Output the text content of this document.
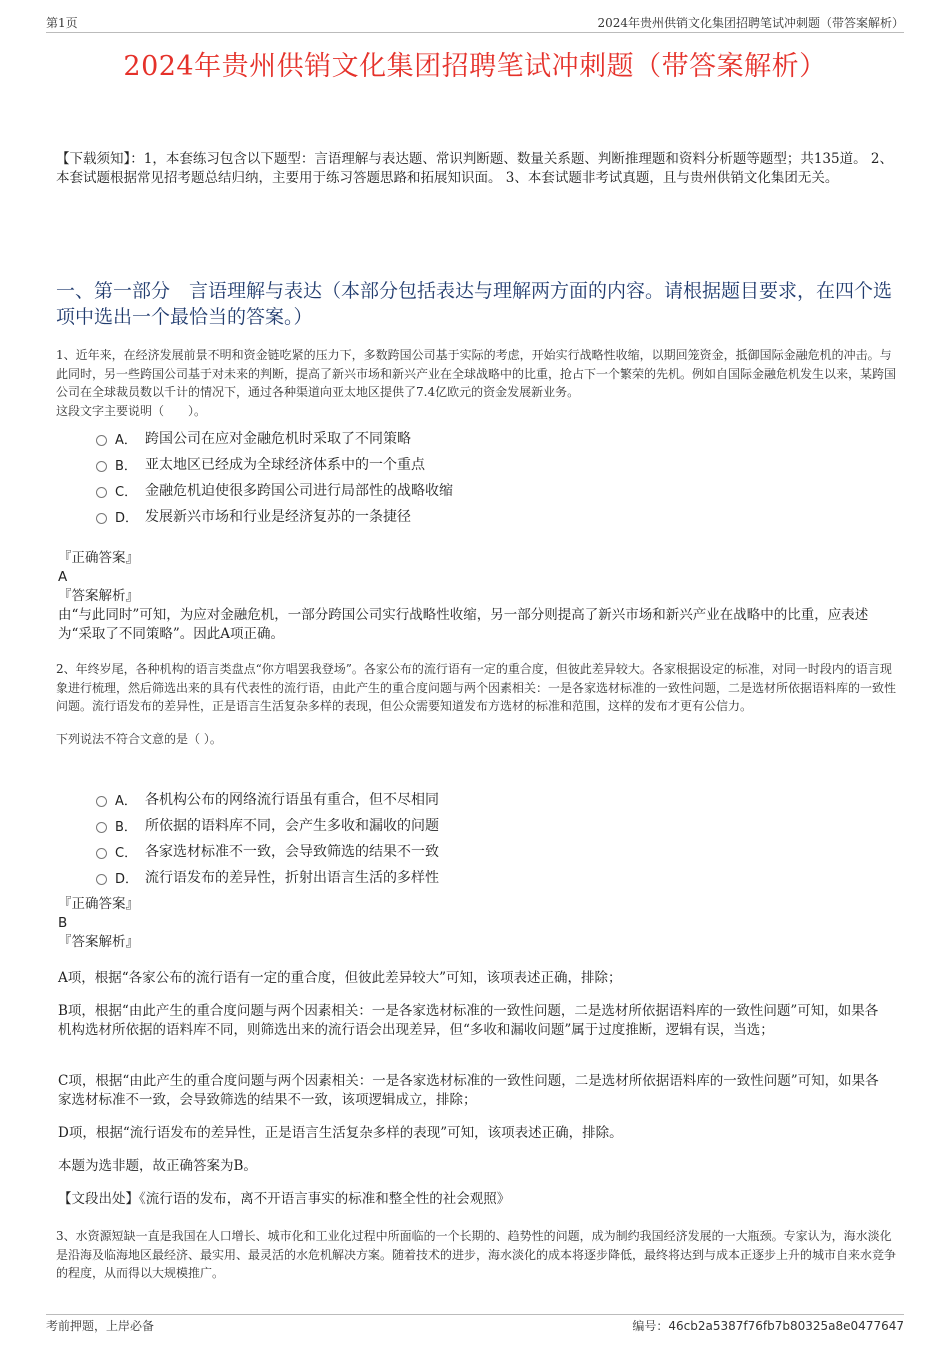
第1页	2024年贵州供销文化集团招聘笔试冲刺题（带答案解析）
2024年贵州供销文化集团招聘笔试冲刺题（带答案解析）
【下载须知】：1，本套练习包含以下题型：言语理解与表达题、常识判断题、数量关系题、判断推理题和资料分析题等题型；共135道。 2、本套试题根据常见招考题总结归纳，主要用于练习答题思路和拓展知识面。 3、本套试题非考试真题，且与贵州供销文化集团无关。
一、第一部分　言语理解与表达（本部分包括表达与理解两方面的内容。请根据题目要求，在四个选项中选出一个最恰当的答案。）
1、近年来，在经济发展前景不明和资金链吃紧的压力下，多数跨国公司基于实际的考虑，开始实行战略性收缩，以期回笼资金，抵御国际金融危机的冲击。与此同时，另一些跨国公司基于对未来的判断，提高了新兴市场和新兴产业在全球战略中的比重，抢占下一个繁荣的先机。例如自国际金融危机发生以来，某跨国公司在全球裁员数以千计的情况下，通过各种渠道向亚太地区提供了7.4亿欧元的资金发展新业务。
这段文字主要说明（　　）。
A． 跨国公司在应对金融危机时采取了不同策略
B． 亚太地区已经成为全球经济体系中的一个重点
C． 金融危机迫使很多跨国公司进行局部性的战略收缩
D． 发展新兴市场和行业是经济复苏的一条捷径

『正确答案』

A

『答案解析』

由“与此同时”可知，为应对金融危机，一部分跨国公司实行战略性收缩，另一部分则提高了新兴市场和新兴产业在战略中的比重，应表述为“采取了不同策略”。因此A项正确。

2、年终岁尾，各种机构的语言类盘点“你方唱罢我登场”。各家公布的流行语有一定的重合度，但彼此差异较大。各家根据设定的标准，对同一时段内的语言现象进行梳理，然后筛选出来的具有代表性的流行语，由此产生的重合度问题与两个因素相关：一是各家选材标准的一致性问题，二是选材所依据语料库的一致性问题。流行语发布的差异性，正是语言生活复杂多样的表现，但公众需要知道发布方选材的标准和范围，这样的发布才更有公信力。
下列说法不符合文意的是（ ）。
A． 各机构公布的网络流行语虽有重合，但不尽相同
B． 所依据的语料库不同，会产生多收和漏收的问题
C． 各家选材标准不一致，会导致筛选的结果不一致
D． 流行语发布的差异性，折射出语言生活的多样性

『正确答案』

B

『答案解析』

A项，根据“各家公布的流行语有一定的重合度，但彼此差异较大”可知，该项表述正确，排除；
B项，根据“由此产生的重合度问题与两个因素相关：一是各家选材标准的一致性问题，二是选材所依据语料库的一致性问题”可知，如果各机构选材所依据的语料库不同，则筛选出来的流行语会出现差异，但“多收和漏收问题”属于过度推断，逻辑有误，当选；
C项，根据“由此产生的重合度问题与两个因素相关：一是各家选材标准的一致性问题，二是选材所依据语料库的一致性问题”可知，如果各家选材标准不一致，会导致筛选的结果不一致，该项逻辑成立，排除；
D项，根据“流行语发布的差异性，正是语言生活复杂多样的表现”可知，该项表述正确，排除。
本题为选非题，故正确答案为B。
【文段出处】《流行语的发布，离不开语言事实的标准和整全性的社会观照》
3、水资源短缺一直是我国在人口增长、城市化和工业化过程中所面临的一个长期的、趋势性的问题，成为制约我国经济发展的一大瓶颈。专家认为，海水淡化是沿海及临海地区最经济、最实用、最灵活的水危机解决方案。随着技术的进步，海水淡化的成本将逐步降低，最终将达到与成本正逐步上升的城市自来水竞争的程度，从而得以大规模推广。
考前押题，上岸必备	编号：46cb2a5387f76fb7b80325a8e0477647
